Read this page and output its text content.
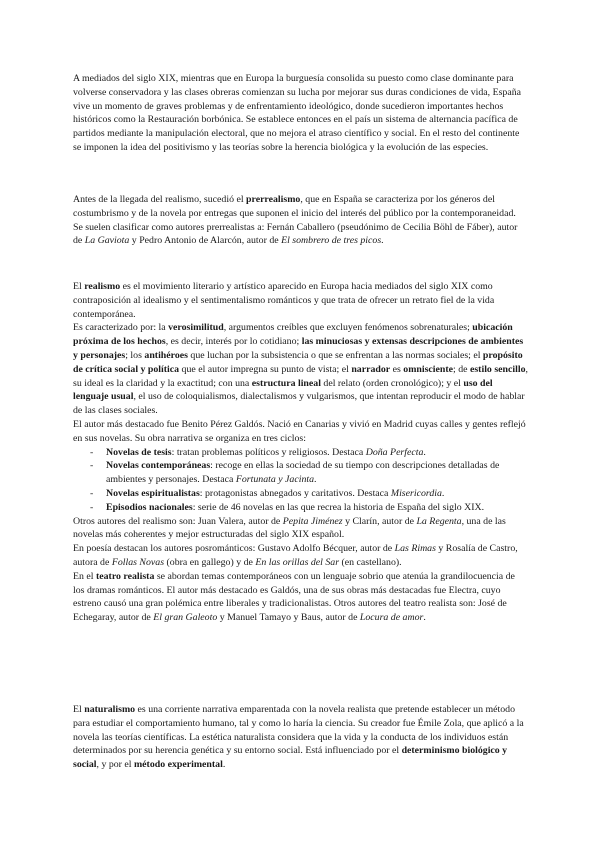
A mediados del siglo XIX, mientras que en Europa la burguesía consolida su puesto como clase dominante para volverse conservadora y las clases obreras comienzan su lucha por mejorar sus duras condiciones de vida, España vive un momento de graves problemas y de enfrentamiento ideológico, donde sucedieron importantes hechos históricos como la Restauración borbónica. Se establece entonces en el país un sistema de alternancia pacífica de partidos mediante la manipulación electoral, que no mejora el atraso científico y social. En el resto del continente se imponen la idea del positivismo y las teorías sobre la herencia biológica y la evolución de las especies.

Antes de la llegada del realismo, sucedió el prerrealismo, que en España se caracteriza por los géneros del costumbrismo y de la novela por entregas que suponen el inicio del interés del público por la contemporaneidad. Se suelen clasificar como autores prerrealistas a: Fernán Caballero (pseudónimo de Cecilia Böhl de Fáber), autor de La Gaviota y Pedro Antonio de Alarcón, autor de El sombrero de tres picos.

El realismo es el movimiento literario y artístico aparecido en Europa hacia mediados del siglo XIX como contraposición al idealismo y el sentimentalismo románticos y que trata de ofrecer un retrato fiel de la vida contemporánea.

Es caracterizado por: la verosimilitud, argumentos creíbles que excluyen fenómenos sobrenaturales; ubicación próxima de los hechos, es decir, interés por lo cotidiano; las minuciosas y extensas descripciones de ambientes y personajes; los antihéroes que luchan por la subsistencia o que se enfrentan a las normas sociales; el propósito de crítica social y política que el autor impregna su punto de vista; el narrador es omnisciente; de estilo sencillo, su ideal es la claridad y la exactitud; con una estructura lineal del relato (orden cronológico); y el uso del lenguaje usual, el uso de coloquialismos, dialectalismos y vulgarismos, que intentan reproducir el modo de hablar de las clases sociales.

El autor más destacado fue Benito Pérez Galdós. Nació en Canarias y vivió en Madrid cuyas calles y gentes reflejó en sus novelas. Su obra narrativa se organiza en tres ciclos:

- Novelas de tesis: tratan problemas políticos y religiosos. Destaca Doña Perfecta.
- Novelas contemporáneas: recoge en ellas la sociedad de su tiempo con descripciones detalladas de ambientes y personajes. Destaca Fortunata y Jacinta.
- Novelas espiritualistas: protagonistas abnegados y caritativos. Destaca Misericordia.
- Episodios nacionales: serie de 46 novelas en las que recrea la historia de España del siglo XIX.

Otros autores del realismo son: Juan Valera, autor de Pepita Jiménez y Clarín, autor de La Regenta, una de las novelas más coherentes y mejor estructuradas del siglo XIX español.

En poesía destacan los autores posrománticos: Gustavo Adolfo Bécquer, autor de Las Rimas y Rosalía de Castro, autora de Follas Novas (obra en gallego) y de En las orillas del Sar (en castellano).

En el teatro realista se abordan temas contemporáneos con un lenguaje sobrio que atenúa la grandilocuencia de los dramas románticos. El autor más destacado es Galdós, una de sus obras más destacadas fue Electra, cuyo estreno causó una gran polémica entre liberales y tradicionalistas. Otros autores del teatro realista son: José de Echegaray, autor de El gran Galeoto y Manuel Tamayo y Baus, autor de Locura de amor.

El naturalismo es una corriente narrativa emparentada con la novela realista que pretende establecer un método para estudiar el comportamiento humano, tal y como lo haría la ciencia. Su creador fue Émile Zola, que aplicó a la novela las teorías científicas. La estética naturalista considera que la vida y la conducta de los individuos están determinados por su herencia genética y su entorno social. Está influenciado por el determinismo biológico y social, y por el método experimental.
